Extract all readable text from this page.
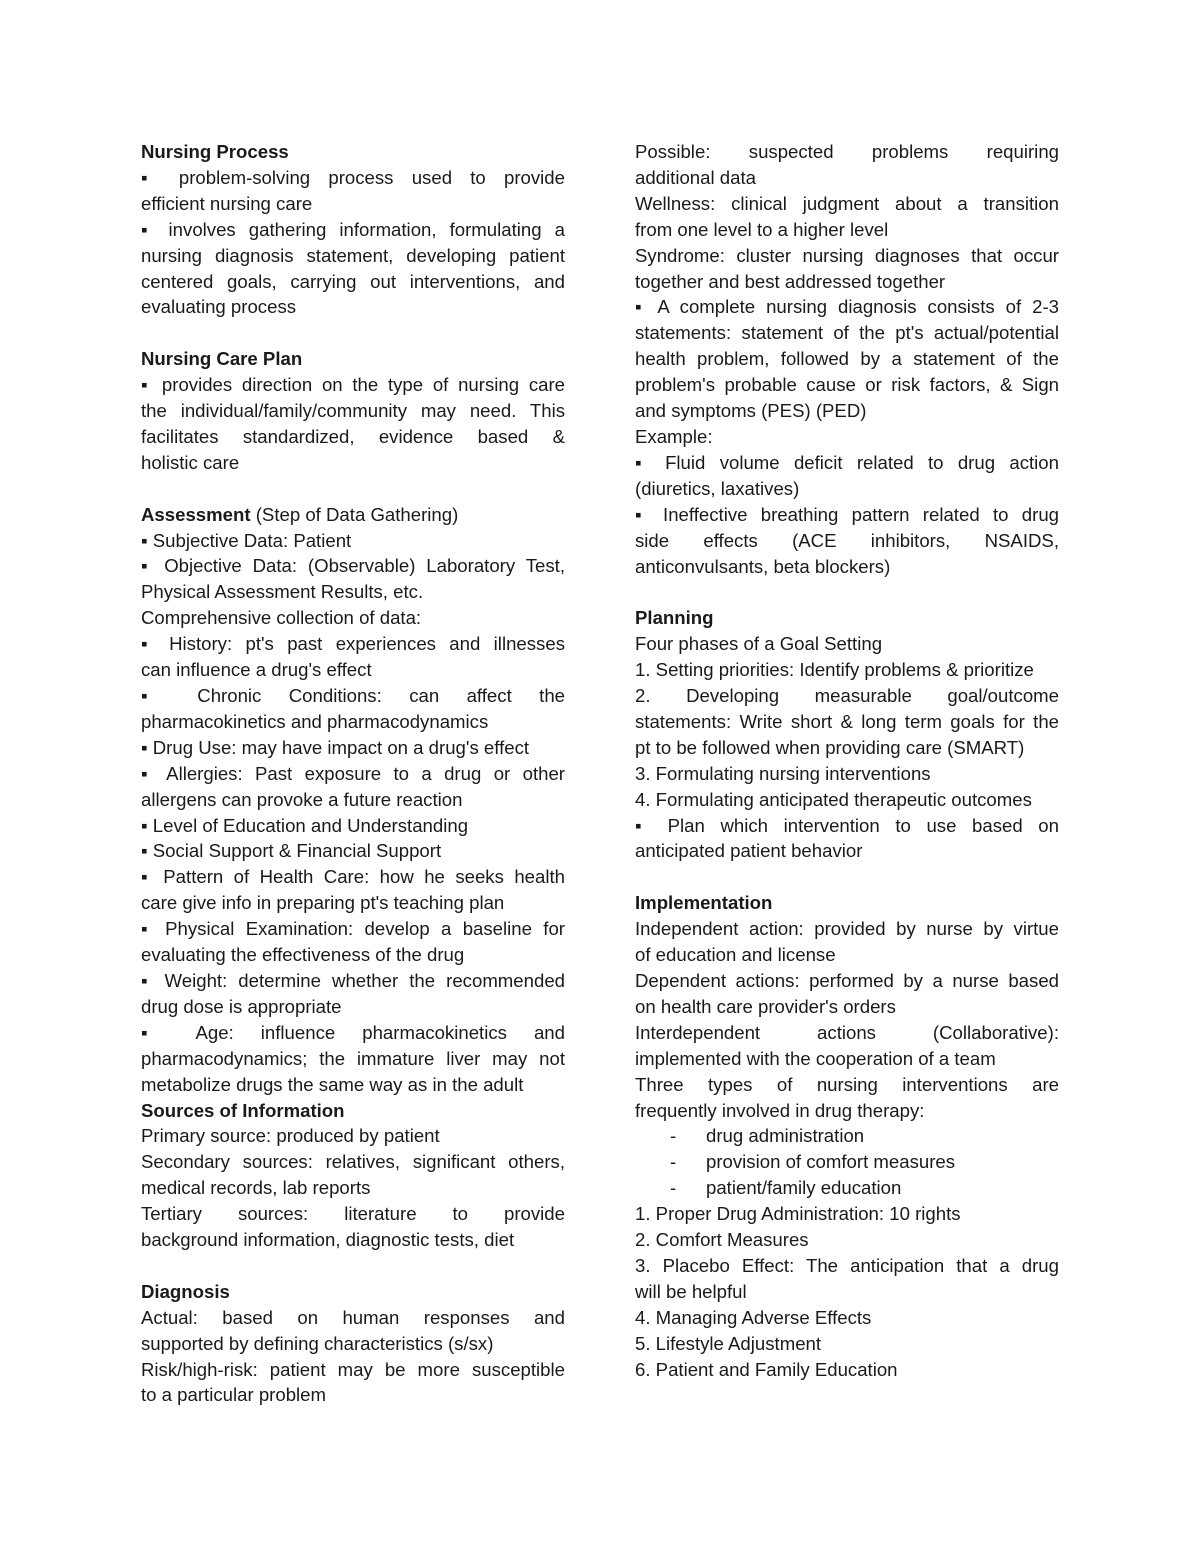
Nursing Process
▪ problem-solving process used to provide
efficient nursing care
▪ involves gathering information, formulating a
nursing diagnosis statement, developing patient
centered goals, carrying out interventions, and
evaluating process
Nursing Care Plan
▪ provides direction on the type of nursing care
the individual/family/community may need. This
facilitates standardized, evidence based &
holistic care
Assessment (Step of Data Gathering)
▪ Subjective Data: Patient
▪ Objective Data: (Observable) Laboratory Test,
Physical Assessment Results, etc.
Comprehensive collection of data:
▪ History: pt's past experiences and illnesses
can influence a drug's effect
▪ Chronic Conditions: can affect the
pharmacokinetics and pharmacodynamics
▪ Drug Use: may have impact on a drug's effect
▪ Allergies: Past exposure to a drug or other
allergens can provoke a future reaction
▪ Level of Education and Understanding
▪ Social Support & Financial Support
▪ Pattern of Health Care: how he seeks health
care give info in preparing pt's teaching plan
▪ Physical Examination: develop a baseline for
evaluating the effectiveness of the drug
▪ Weight: determine whether the recommended
drug dose is appropriate
▪ Age: influence pharmacokinetics and
pharmacodynamics; the immature liver may not
metabolize drugs the same way as in the adult
Sources of Information
Primary source: produced by patient
Secondary sources: relatives, significant others,
medical records, lab reports
Tertiary sources: literature to provide
background information, diagnostic tests, diet
Diagnosis
Actual: based on human responses and
supported by defining characteristics (s/sx)
Risk/high-risk: patient may be more susceptible
to a particular problem
Possible: suspected problems requiring
additional data
Wellness: clinical judgment about a transition
from one level to a higher level
Syndrome: cluster nursing diagnoses that occur
together and best addressed together
▪ A complete nursing diagnosis consists of 2-3
statements: statement of the pt's actual/potential
health problem, followed by a statement of the
problem's probable cause or risk factors, & Sign
and symptoms (PES) (PED)
Example:
▪ Fluid volume deficit related to drug action
(diuretics, laxatives)
▪ Ineffective breathing pattern related to drug
side effects (ACE inhibitors, NSAIDS,
anticonvulsants, beta blockers)
Planning
Four phases of a Goal Setting
1. Setting priorities: Identify problems & prioritize
2. Developing measurable goal/outcome
statements: Write short & long term goals for the
pt to be followed when providing care (SMART)
3. Formulating nursing interventions
4. Formulating anticipated therapeutic outcomes
▪ Plan which intervention to use based on
anticipated patient behavior
Implementation
Independent action: provided by nurse by virtue
of education and license
Dependent actions: performed by a nurse based
on health care provider's orders
Interdependent actions (Collaborative):
implemented with the cooperation of a team
Three types of nursing interventions are
frequently involved in drug therapy:
- drug administration
- provision of comfort measures
- patient/family education
1. Proper Drug Administration: 10 rights
2. Comfort Measures
3. Placebo Effect: The anticipation that a drug
will be helpful
4. Managing Adverse Effects
5. Lifestyle Adjustment
6. Patient and Family Education
